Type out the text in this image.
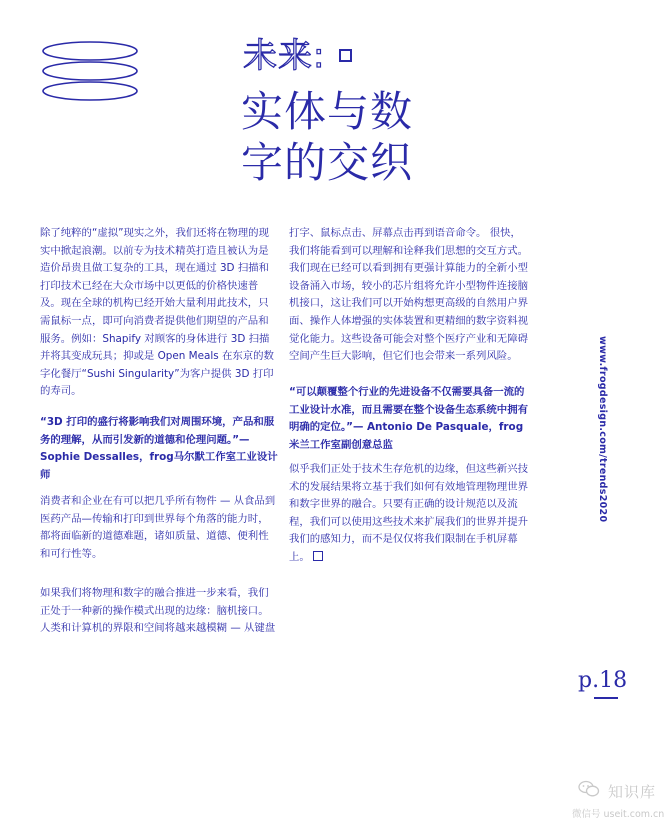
未来:
实体与数
字的交织

除了纯粹的“虚拟”现实之外，我们还将在物理的现实中掀起浪潮。以前专为技术精英打造且被认为是造价昂贵且做工复杂的工具，现在通过 3D 扫描和打印技术已经在大众市场中以更低的价格快速普及。现在全球的机构已经开始大量利用此技术，只需鼠标一点，即可向消费者提供他们期望的产品和服务。例如：Shapify 对顾客的身体进行 3D 扫描并将其变成玩具；抑或是 Open Meals 在东京的数字化餐厅“Sushi Singularity”为客户提供 3D 打印的寿司。

“3D 打印的盛行将影响我们对周围环境，产品和服务的理解，从而引发新的道德和伦理问题。”— Sophie Dessalles，frog马尔默工作室工业设计师

消费者和企业在有可以把几乎所有物件 — 从食品到医药产品—传输和打印到世界每个角落的能力时，都将面临新的道德难题，诸如质量、道德、便利性和可行性等。

如果我们将物理和数字的融合推进一步来看，我们正处于一种新的操作模式出现的边缘：脑机接口。人类和计算机的界限和空间将越来越模糊 — 从键盘

打字、鼠标点击、屏幕点击再到语音命令。 很快，我们将能看到可以理解和诠释我们思想的交互方式。我们现在已经可以看到拥有更强计算能力的全新小型设备涌入市场，较小的芯片组将允许小型物件连接脑机接口，这让我们可以开始构想更高级的自然用户界面、操作人体增强的实体装置和更精细的数字资料视觉化能力。这些设备可能会对整个医疗产业和无障碍空间产生巨大影响，但它们也会带来一系列风险。

“可以颠覆整个行业的先进设备不仅需要具备一流的工业设计水准，而且需要在整个设备生态系统中拥有明确的定位。”— Antonio De Pasquale，frog 米兰工作室副创意总监

似乎我们正处于技术生存危机的边缘，但这些新兴技术的发展结果将立基于我们如何有效地管理物理世界和数字世界的融合。只要有正确的设计规范以及流程，我们可以使用这些技术来扩展我们的世界并提升我们的感知力，而不是仅仅将我们限制在手机屏幕上。

www.frogdesign.com/trends2020
p.18
知识库
微信号 useit.com.cn
